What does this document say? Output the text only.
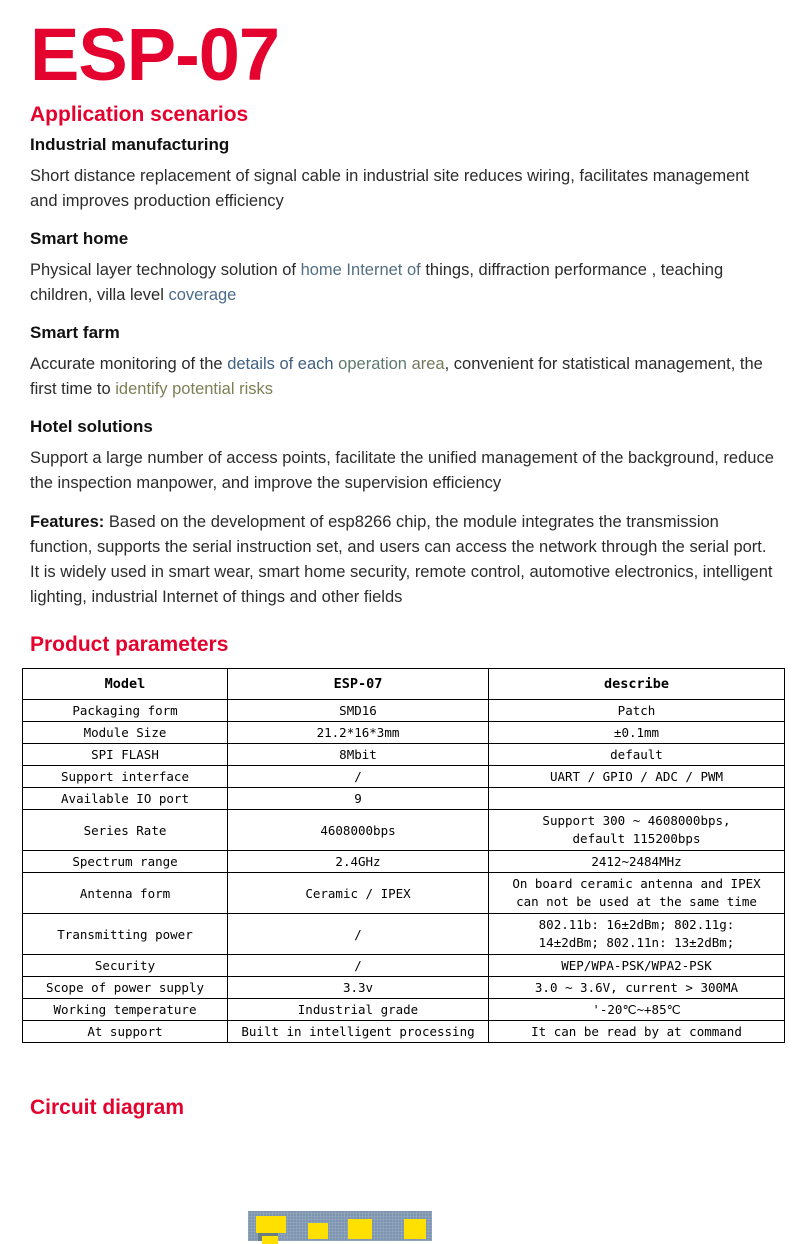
ESP-07
Application scenarios
Industrial manufacturing

Short distance replacement of signal cable in industrial site reduces wiring, facilitates management and improves production efficiency

Smart home

Physical layer technology solution of home Internet of things, diffraction performance , teaching children, villa level coverage

Smart farm

Accurate monitoring of the details of each operation area, convenient for statistical management, the first time to identify potential risks

Hotel solutions

Support a large number of access points, facilitate the unified management of the background, reduce the inspection manpower, and improve the supervision efficiency

Features: Based on the development of esp8266 chip, the module integrates the transmission function, supports the serial instruction set, and users can access the network through the serial port. It is widely used in smart wear, smart home security, remote control, automotive electronics, intelligent lighting, industrial Internet of things and other fields

Product parameters
Model	ESP-07	describe
Packaging form	SMD16	Patch
Module Size	21.2*16*3mm	±0.1mm
SPI FLASH	8Mbit	default
Support interface	/	UART / GPIO / ADC / PWM
Available IO port	9	
Series Rate	4608000bps	Support 300 ~ 4608000bps,
default 115200bps
Spectrum range	2.4GHz	2412~2484MHz
Antenna form	Ceramic / IPEX	On board ceramic antenna and IPEX
can not be used at the same time
Transmitting power	/	802.11b: 16±2dBm; 802.11g:
14±2dBm; 802.11n: 13±2dBm;
Security	/	WEP/WPA-PSK/WPA2-PSK
Scope of power supply	3.3v	3.0 ~ 3.6V, current > 300MA
Working temperature	Industrial grade	'-20℃~+85℃
At support	Built in intelligent processing	It can be read by at command
Circuit diagram
